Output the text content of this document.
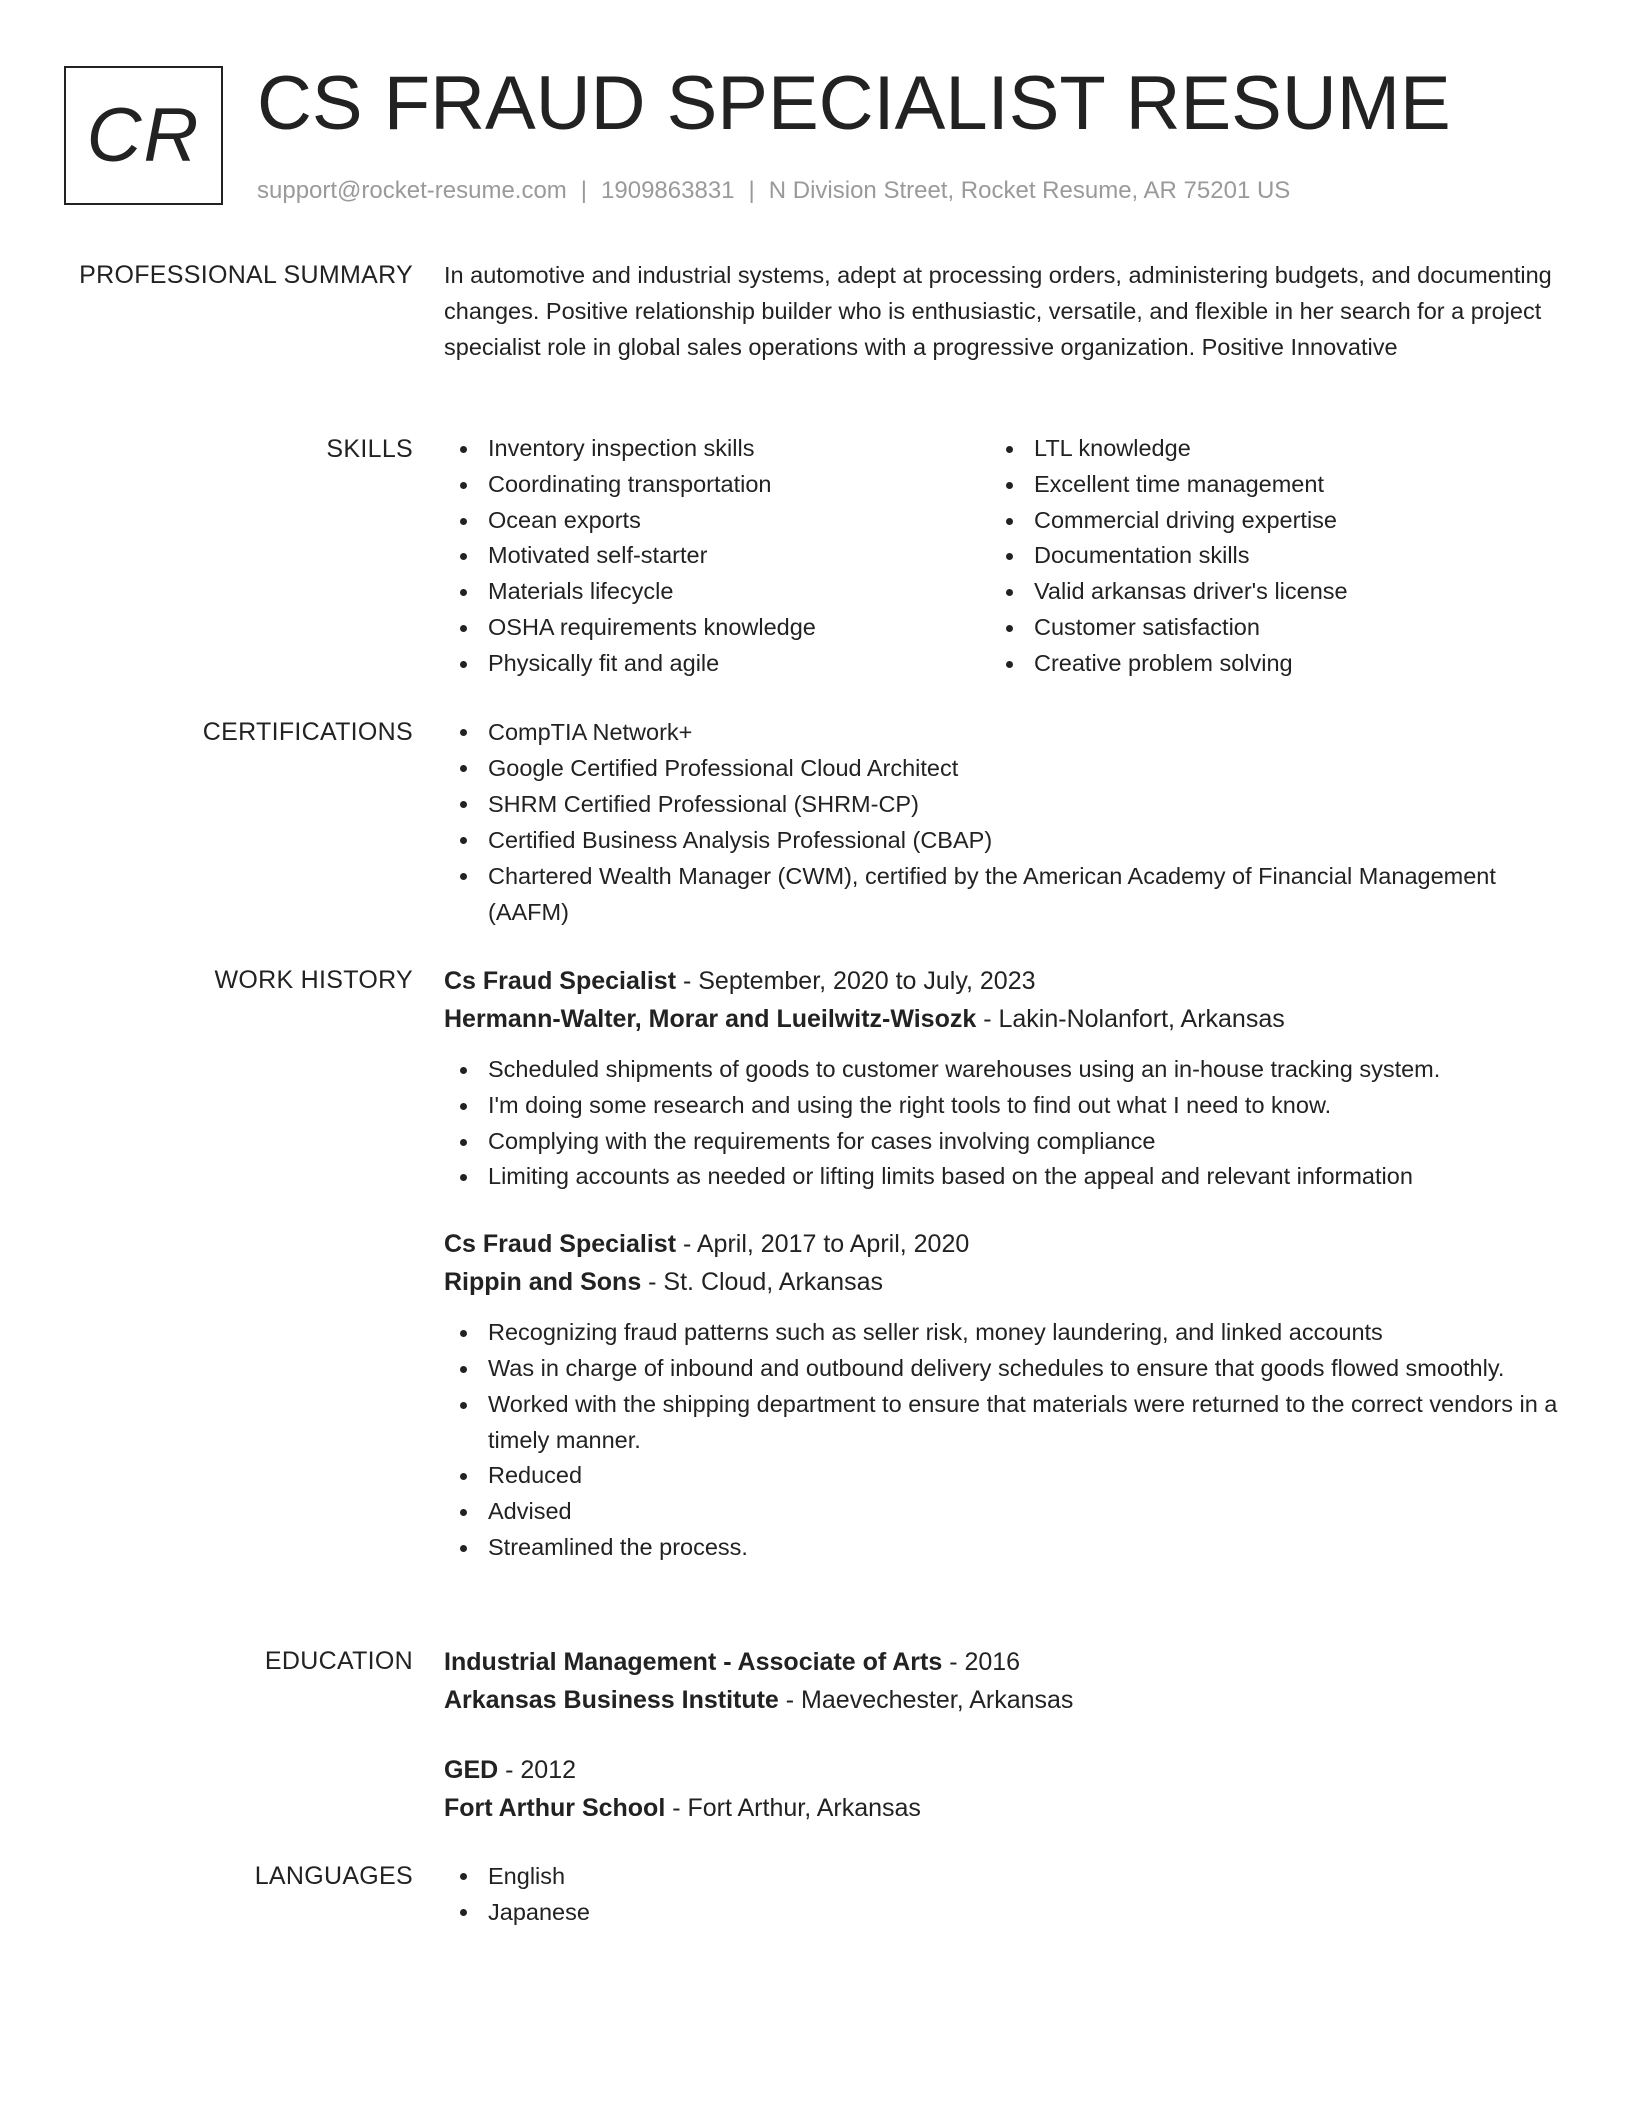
CR CS FRAUD SPECIALIST RESUME
support@rocket-resume.com | 1909863831 | N Division Street, Rocket Resume, AR 75201 US
PROFESSIONAL SUMMARY In automotive and industrial systems, adept at processing orders, administering budgets, and documenting changes. Positive relationship builder who is enthusiastic, versatile, and flexible in her search for a project specialist role in global sales operations with a progressive organization. Positive Innovative

SKILLS	Inventory inspection skills
Coordinating transportation
Ocean exports
Motivated self-starter
Materials lifecycle
OSHA requirements knowledge
Physically fit and agile
LTL knowledge
Excellent time management
Commercial driving expertise
Documentation skills
Valid arkansas driver's license
Customer satisfaction
Creative problem solving
CERTIFICATIONS	CompTIA Network+
Google Certified Professional Cloud Architect
SHRM Certified Professional (SHRM-CP)
Certified Business Analysis Professional (CBAP)
Chartered Wealth Manager (CWM), certified by the American Academy of Financial Management (AAFM)
WORK HISTORY Cs Fraud Specialist - September, 2020 to July, 2023
Hermann-Walter, Morar and Lueilwitz-Wisozk - Lakin-Nolanfort, Arkansas
Scheduled shipments of goods to customer warehouses using an in-house tracking system.
I'm doing some research and using the right tools to find out what I need to know.
Complying with the requirements for cases involving compliance
Limiting accounts as needed or lifting limits based on the appeal and relevant information
Cs Fraud Specialist - April, 2017 to April, 2020
Rippin and Sons - St. Cloud, Arkansas
Recognizing fraud patterns such as seller risk, money laundering, and linked accounts
Was in charge of inbound and outbound delivery schedules to ensure that goods flowed smoothly.
Worked with the shipping department to ensure that materials were returned to the correct vendors in a timely manner.
Reduced
Advised
Streamlined the process.
EDUCATION Industrial Management - Associate of Arts - 2016
Arkansas Business Institute - Maevechester, Arkansas
GED - 2012
Fort Arthur School - Fort Arthur, Arkansas
LANGUAGES	English
Japanese
